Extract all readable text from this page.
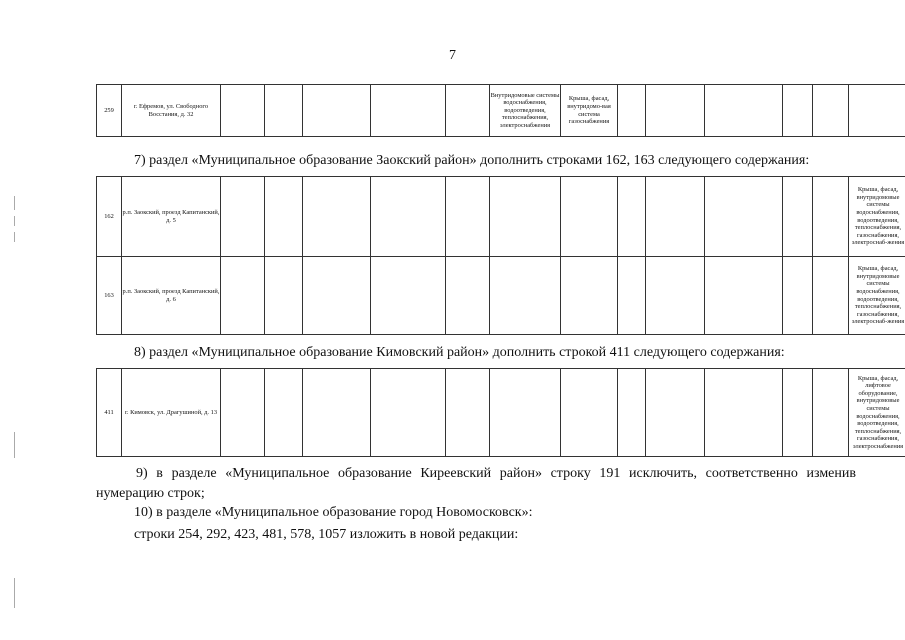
7
259	г. Ефремов, ул. Свободного Восстания, д. 32						Внутридомовые системы водоснабжения, водоотведения, теплоснабжения, электроснабжения	Крыша, фасад, внутридомо-вая система газоснабжения						
7) раздел «Муниципальное образование Заокский район» дополнить строками 162, 163 следующего содержания:
162	р.п. Заокский, проезд Капитанский, д. 5													Крыша, фасад, внутридомовые системы водоснабжения, водоотведения, теплоснабжения, газоснабжения, электроснаб-жения
163	р.п. Заокский, проезд Капитанский, д. 6													Крыша, фасад, внутридомовые системы водоснабжения, водоотведения, теплоснабжения, газоснабжения, электроснаб-жения
8) раздел «Муниципальное образование Кимовский район» дополнить строкой 411 следующего содержания:
411	г. Кимовск, ул. Драгушиной, д. 13													Крыша, фасад, лифтовое оборудование, внутридомовые системы водоснабжения, водоотведения, теплоснабжения, газоснабжения, электроснабжения
9) в разделе «Муниципальное образование Киреевский район» строку 191 исключить, соответственно изменив нумерацию строк;
10) в разделе «Муниципальное образование город Новомосковск»:
строки 254, 292, 423, 481, 578, 1057 изложить в новой редакции:
